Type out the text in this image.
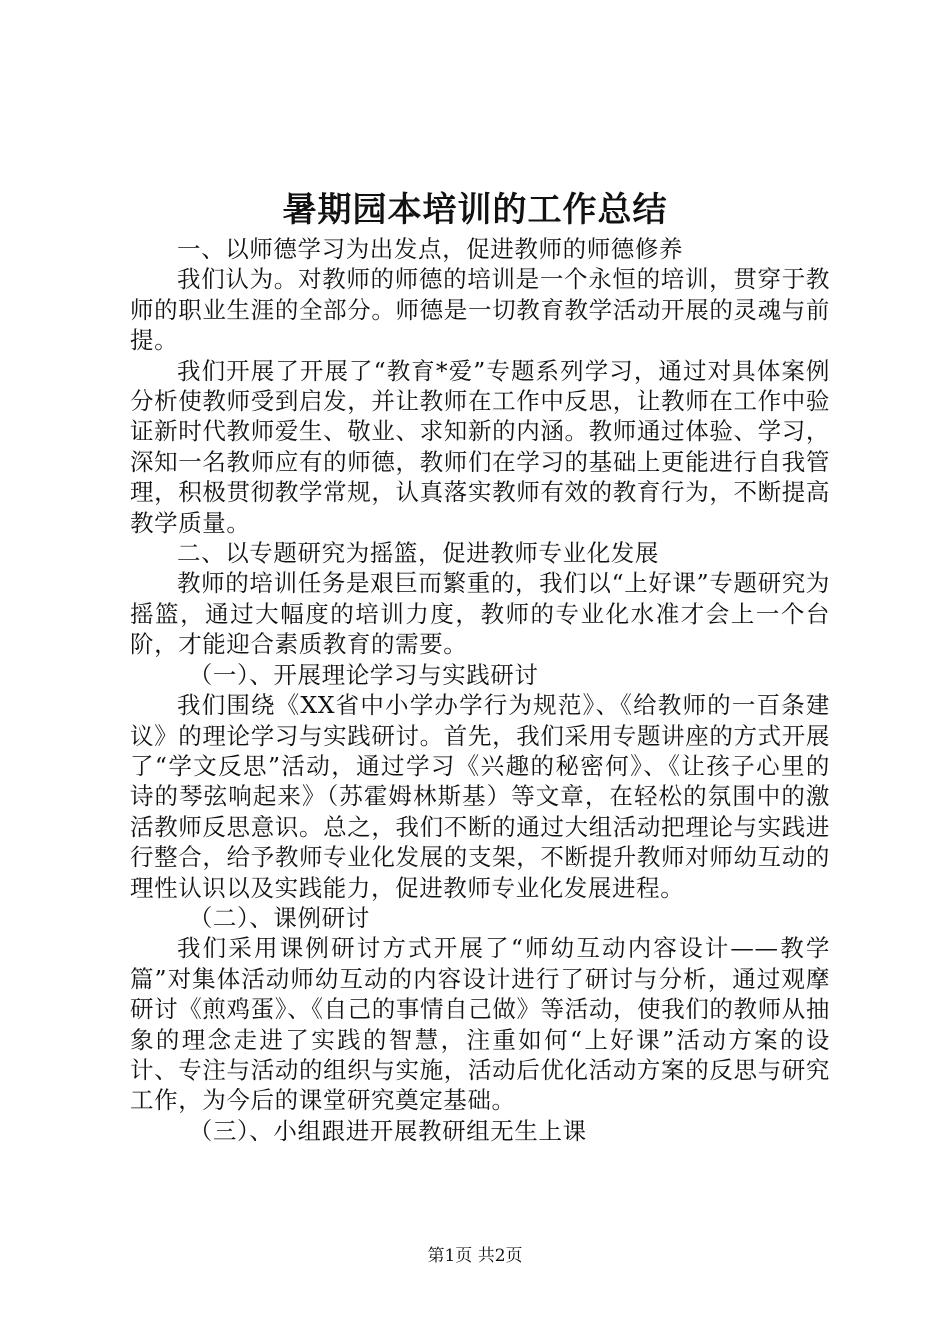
暑期园本培训的工作总结

一、以师德学习为出发点，促进教师的师德修养

我们认为。对教师的师德的培训是一个永恒的培训，贯穿于教师的职业生涯的全部分。师德是一切教育教学活动开展的灵魂与前提。

我们开展了开展了“教育*爱”专题系列学习，通过对具体案例分析使教师受到启发，并让教师在工作中反思，让教师在工作中验证新时代教师爱生、敬业、求知新的内涵。教师通过体验、学习，深知一名教师应有的师德，教师们在学习的基础上更能进行自我管理，积极贯彻教学常规，认真落实教师有效的教育行为，不断提高教学质量。

二、以专题研究为摇篮，促进教师专业化发展

教师的培训任务是艰巨而繁重的，我们以“上好课”专题研究为摇篮，通过大幅度的培训力度，教师的专业化水准才会上一个台阶，才能迎合素质教育的需要。

（一）、开展理论学习与实践研讨

我们围绕《XX省中小学办学行为规范》、《给教师的一百条建议》的理论学习与实践研讨。首先，我们采用专题讲座的方式开展了“学文反思”活动，通过学习《兴趣的秘密何》、《让孩子心里的诗的琴弦响起来》（苏霍姆林斯基）等文章，在轻松的氛围中的激活教师反思意识。总之，我们不断的通过大组活动把理论与实践进行整合，给予教师专业化发展的支架，不断提升教师对师幼互动的理性认识以及实践能力，促进教师专业化发展进程。

（二）、课例研讨

我们采用课例研讨方式开展了“师幼互动内容设计——教学篇”对集体活动师幼互动的内容设计进行了研讨与分析，通过观摩研讨《煎鸡蛋》、《自己的事情自己做》等活动，使我们的教师从抽象的理念走进了实践的智慧，注重如何“上好课”活动方案的设计、专注与活动的组织与实施，活动后优化活动方案的反思与研究工作，为今后的课堂研究奠定基础。

（三）、小组跟进开展教研组无生上课

第1页 共2页
